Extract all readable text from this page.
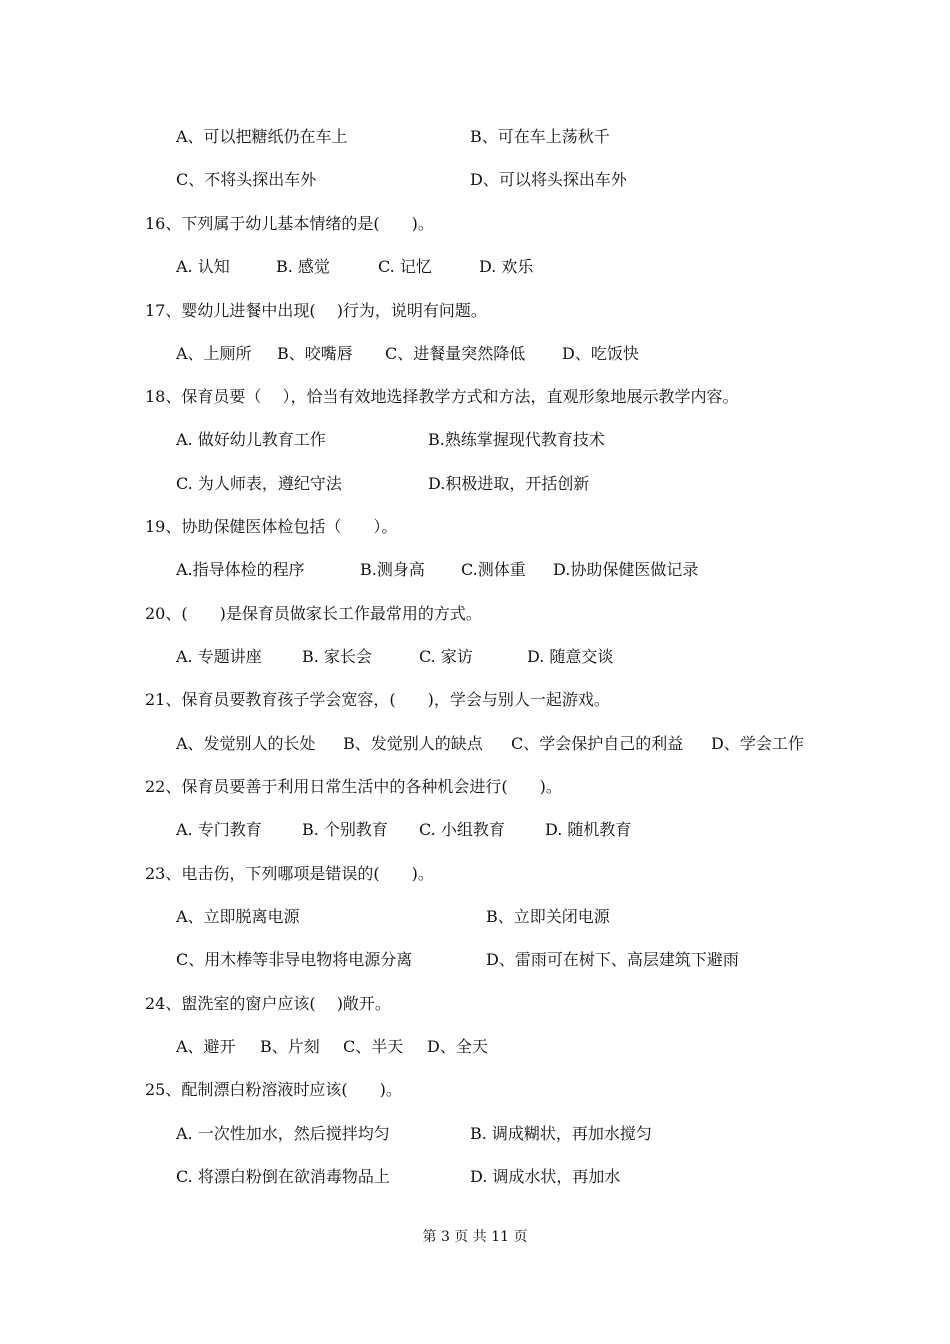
A、可以把糖纸仍在车上	B、可在车上荡秋千
C、不将头探出车外	D、可以将头探出车外
16、下列属于幼儿基本情绪的是(　　)。
A. 认知	B. 感觉	C. 记忆	D. 欢乐
17、婴幼儿进餐中出现(　 )行为，说明有问题。
A、上厕所 B、咬嘴唇 C、进餐量突然降低 D、吃饭快
18、保育员要（　 ），恰当有效地选择教学方式和方法，直观形象地展示教学内容。
A. 做好幼儿教育工作	B.熟练掌握现代教育技术
C. 为人师表，遵纪守法	D.积极进取，开括创新
19、协助保健医体检包括（　　）。
A.指导体检的程序	B.测身高 C.测体重 D.协助保健医做记录
20、(　　)是保育员做家长工作最常用的方式。
A. 专题讲座	B. 家长会	C. 家访	D. 随意交谈
21、保育员要教育孩子学会宽容，(　　)，学会与别人一起游戏。
A、发觉别人的长处 B、发觉别人的缺点 C、学会保护自己的利益 D、学会工作
22、保育员要善于利用日常生活中的各种机会进行(　　)。
A. 专门教育	B. 个别教育 C. 小组教育	D. 随机教育
23、电击伤，下列哪项是错误的(　　)。
A、立即脱离电源	B、立即关闭电源
C、用木棒等非导电物将电源分离	D、雷雨可在树下、高层建筑下避雨
24、盥洗室的窗户应该(　 )敞开。
A、避开 B、片刻 C、半天 D、全天
25、配制漂白粉溶液时应该(　　)。
A. 一次性加水，然后搅拌均匀	B. 调成糊状，再加水搅匀
C. 将漂白粉倒在欲消毒物品上	D. 调成水状，再加水
第 3 页 共 11 页
